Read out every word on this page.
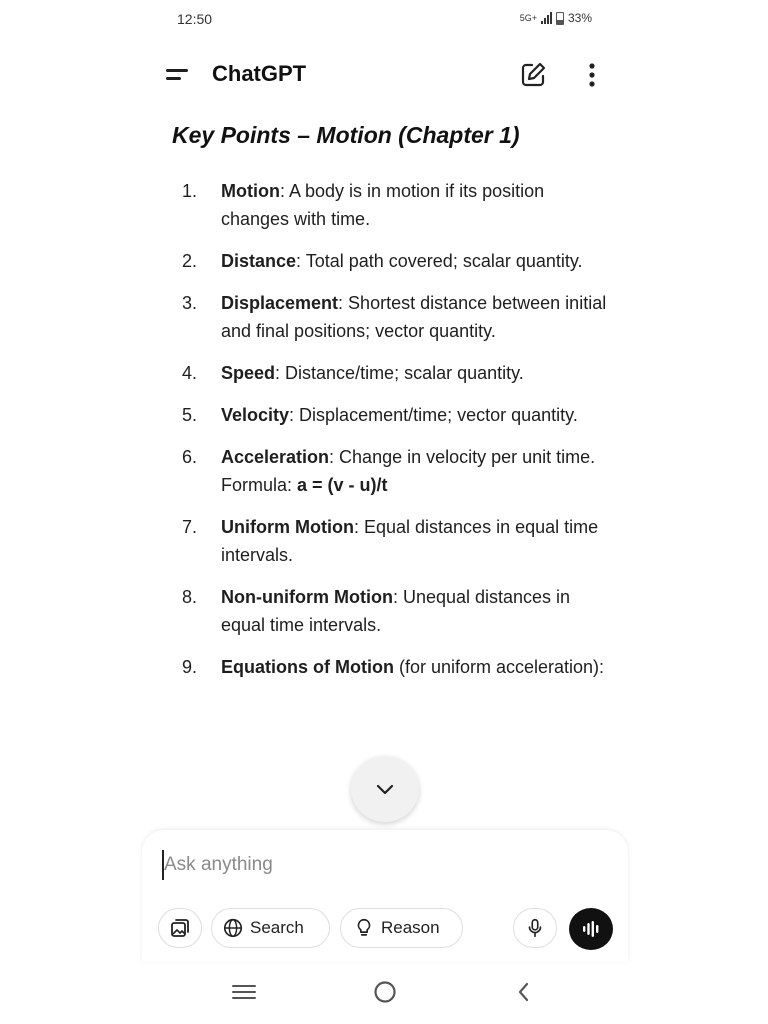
12:50	5G+	33%
ChatGPT
Key Points – Motion (Chapter 1)
1. Motion: A body is in motion if its position changes with time.
2. Distance: Total path covered; scalar quantity.
3. Displacement: Shortest distance between initial and final positions; vector quantity.
4. Speed: Distance/time; scalar quantity.
5. Velocity: Displacement/time; vector quantity.
6. Acceleration: Change in velocity per unit time.
Formula: a = (v - u)/t
7. Uniform Motion: Equal distances in equal time intervals.
8. Non-uniform Motion: Unequal distances in equal time intervals.
9. Equations of Motion (for uniform acceleration):
Ask anything
Search	Reason
